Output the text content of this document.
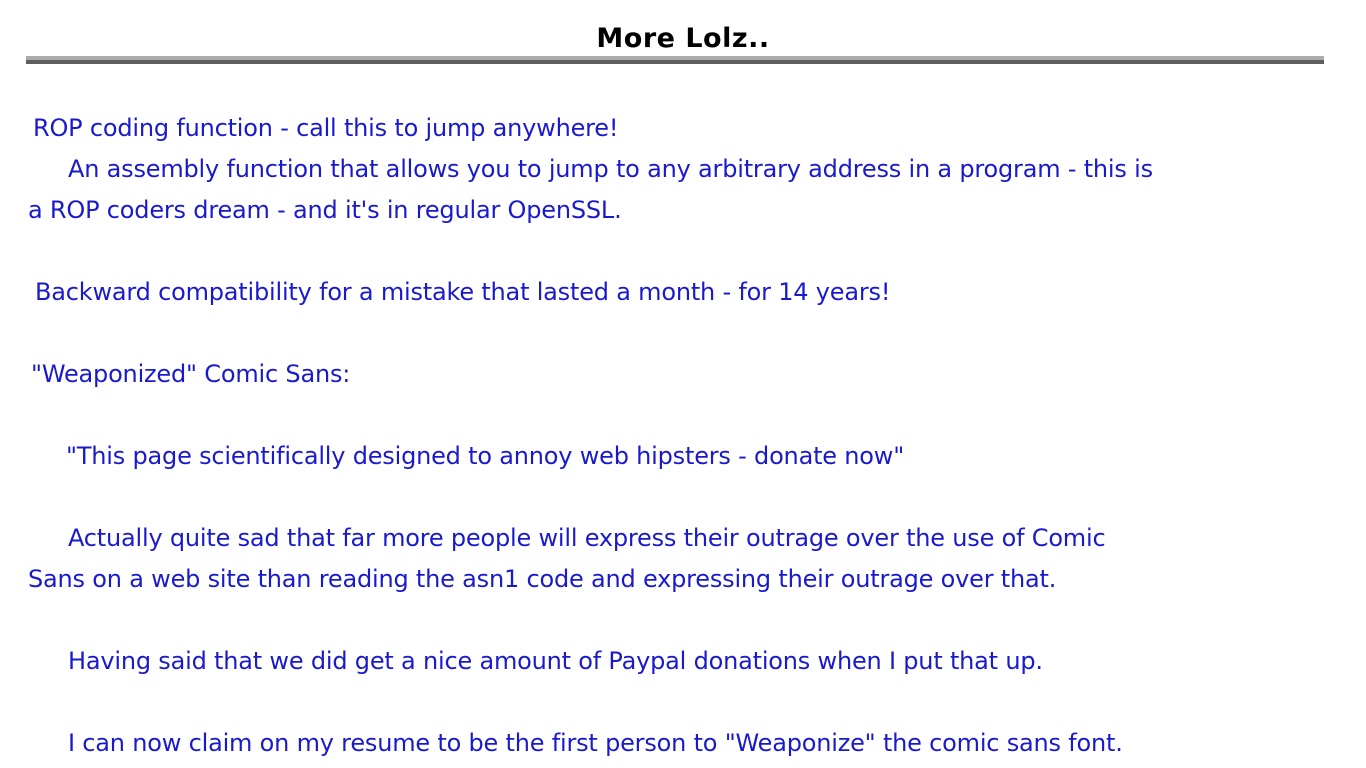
More Lolz..
ROP coding function - call this to jump anywhere!
An assembly function that allows you to jump to any arbitrary address in a program - this is
a ROP coders dream - and it's in regular OpenSSL.
Backward compatibility for a mistake that lasted a month - for 14 years!
"Weaponized" Comic Sans:
"This page scientifically designed to annoy web hipsters - donate now"
Actually quite sad that far more people will express their outrage over the use of Comic
Sans on a web site than reading the asn1 code and expressing their outrage over that.
Having said that we did get a nice amount of Paypal donations when I put that up.
I can now claim on my resume to be the first person to "Weaponize" the comic sans font.
